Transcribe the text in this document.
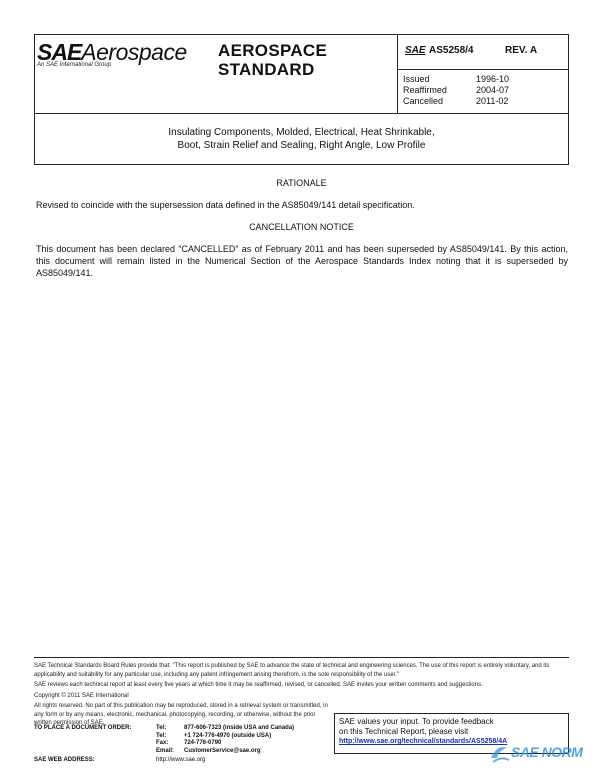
SAEAerospace
An SAE International Group
AEROSPACE
STANDARD
SAE AS5258/4	REV. A
Issued	1996-10
Reaffirmed	2004-07
Cancelled	2011-02
Insulating Components, Molded, Electrical, Heat Shrinkable,
Boot, Strain Relief and Sealing, Right Angle, Low Profile
RATIONALE
Revised to coincide with the supersession data defined in the AS85049/141 detail specification.
CANCELLATION NOTICE
This document has been declared “CANCELLED” as of February 2011 and has been superseded by AS85049/141. By this action, this document will remain listed in the Numerical Section of the Aerospace Standards Index noting that it is superseded by AS85049/141.

SAE Technical Standards Board Rules provide that: "This report is published by SAE to advance the state of technical and engineering sciences. The use of this report is entirely voluntary, and its applicability and suitability for any particular use, including any patent infringement arising therefrom, is the sole responsibility of the user."

SAE reviews each technical report at least every five years at which time it may be reaffirmed, revised, or cancelled. SAE invites your written comments and suggestions.

Copyright © 2011 SAE International

All rights reserved. No part of this publication may be reproduced, stored in a retrieval system or transmitted, in any form or by any means, electronic, mechanical, photocopying, recording, or otherwise, without the prior written permission of SAE.

TO PLACE A DOCUMENT ORDER:	Tel:	877-606-7323 (inside USA and Canada)
Tel:	+1 724-776-4970 (outside USA)
Fax:	724-776-0790
Email:	CustomerService@sae.org
SAE WEB ADDRESS:	http://www.sae.org
SAE values your input. To provide feedback
on this Technical Report, please visit
http://www.sae.org/technical/standards/AS5258/4A
SAE NORM
